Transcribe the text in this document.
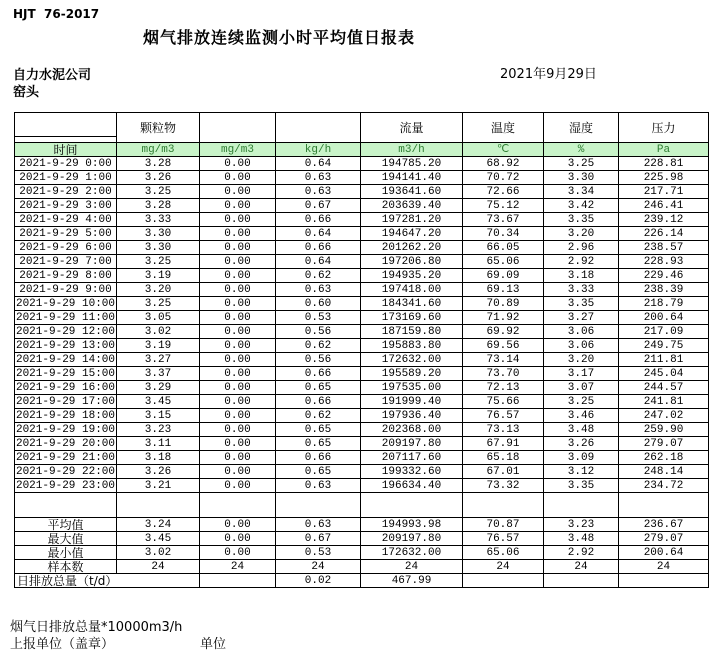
HJT  76-2017
烟气排放连续监测小时平均值日报表
自力水泥公司
窑头
2021年9月29日
	颗粒物			流量	温度	湿度	压力
时间	mg/m3	mg/m3	kg/h	m3/h	℃	%	Pa
2021-9-29 0:00	3.28	0.00	0.64	194785.20	68.92	3.25	228.81
2021-9-29 1:00	3.26	0.00	0.63	194141.40	70.72	3.30	225.98
2021-9-29 2:00	3.25	0.00	0.63	193641.60	72.66	3.34	217.71
2021-9-29 3:00	3.28	0.00	0.67	203639.40	75.12	3.42	246.41
2021-9-29 4:00	3.33	0.00	0.66	197281.20	73.67	3.35	239.12
2021-9-29 5:00	3.30	0.00	0.64	194647.20	70.34	3.20	226.14
2021-9-29 6:00	3.30	0.00	0.66	201262.20	66.05	2.96	238.57
2021-9-29 7:00	3.25	0.00	0.64	197206.80	65.06	2.92	228.93
2021-9-29 8:00	3.19	0.00	0.62	194935.20	69.09	3.18	229.46
2021-9-29 9:00	3.20	0.00	0.63	197418.00	69.13	3.33	238.39
2021-9-29 10:00	3.25	0.00	0.60	184341.60	70.89	3.35	218.79
2021-9-29 11:00	3.05	0.00	0.53	173169.60	71.92	3.27	200.64
2021-9-29 12:00	3.02	0.00	0.56	187159.80	69.92	3.06	217.09
2021-9-29 13:00	3.19	0.00	0.62	195883.80	69.56	3.06	249.75
2021-9-29 14:00	3.27	0.00	0.56	172632.00	73.14	3.20	211.81
2021-9-29 15:00	3.37	0.00	0.66	195589.20	73.70	3.17	245.04
2021-9-29 16:00	3.29	0.00	0.65	197535.00	72.13	3.07	244.57
2021-9-29 17:00	3.45	0.00	0.66	191999.40	75.66	3.25	241.81
2021-9-29 18:00	3.15	0.00	0.62	197936.40	76.57	3.46	247.02
2021-9-29 19:00	3.23	0.00	0.65	202368.00	73.13	3.48	259.90
2021-9-29 20:00	3.11	0.00	0.65	209197.80	67.91	3.26	279.07
2021-9-29 21:00	3.18	0.00	0.66	207117.60	65.18	3.09	262.18
2021-9-29 22:00	3.26	0.00	0.65	199332.60	67.01	3.12	248.14
2021-9-29 23:00	3.21	0.00	0.63	196634.40	73.32	3.35	234.72

平均值	3.24	0.00	0.63	194993.98	70.87	3.23	236.67
最大值	3.45	0.00	0.67	209197.80	76.57	3.48	279.07
最小值	3.02	0.00	0.53	172632.00	65.06	2.92	200.64
样本数	24	24	24	24	24	24	24
日排放总量（t/d）			0.02	467.99			
烟气日排放总量*10000m3/h
上报单位（盖章）	单位
